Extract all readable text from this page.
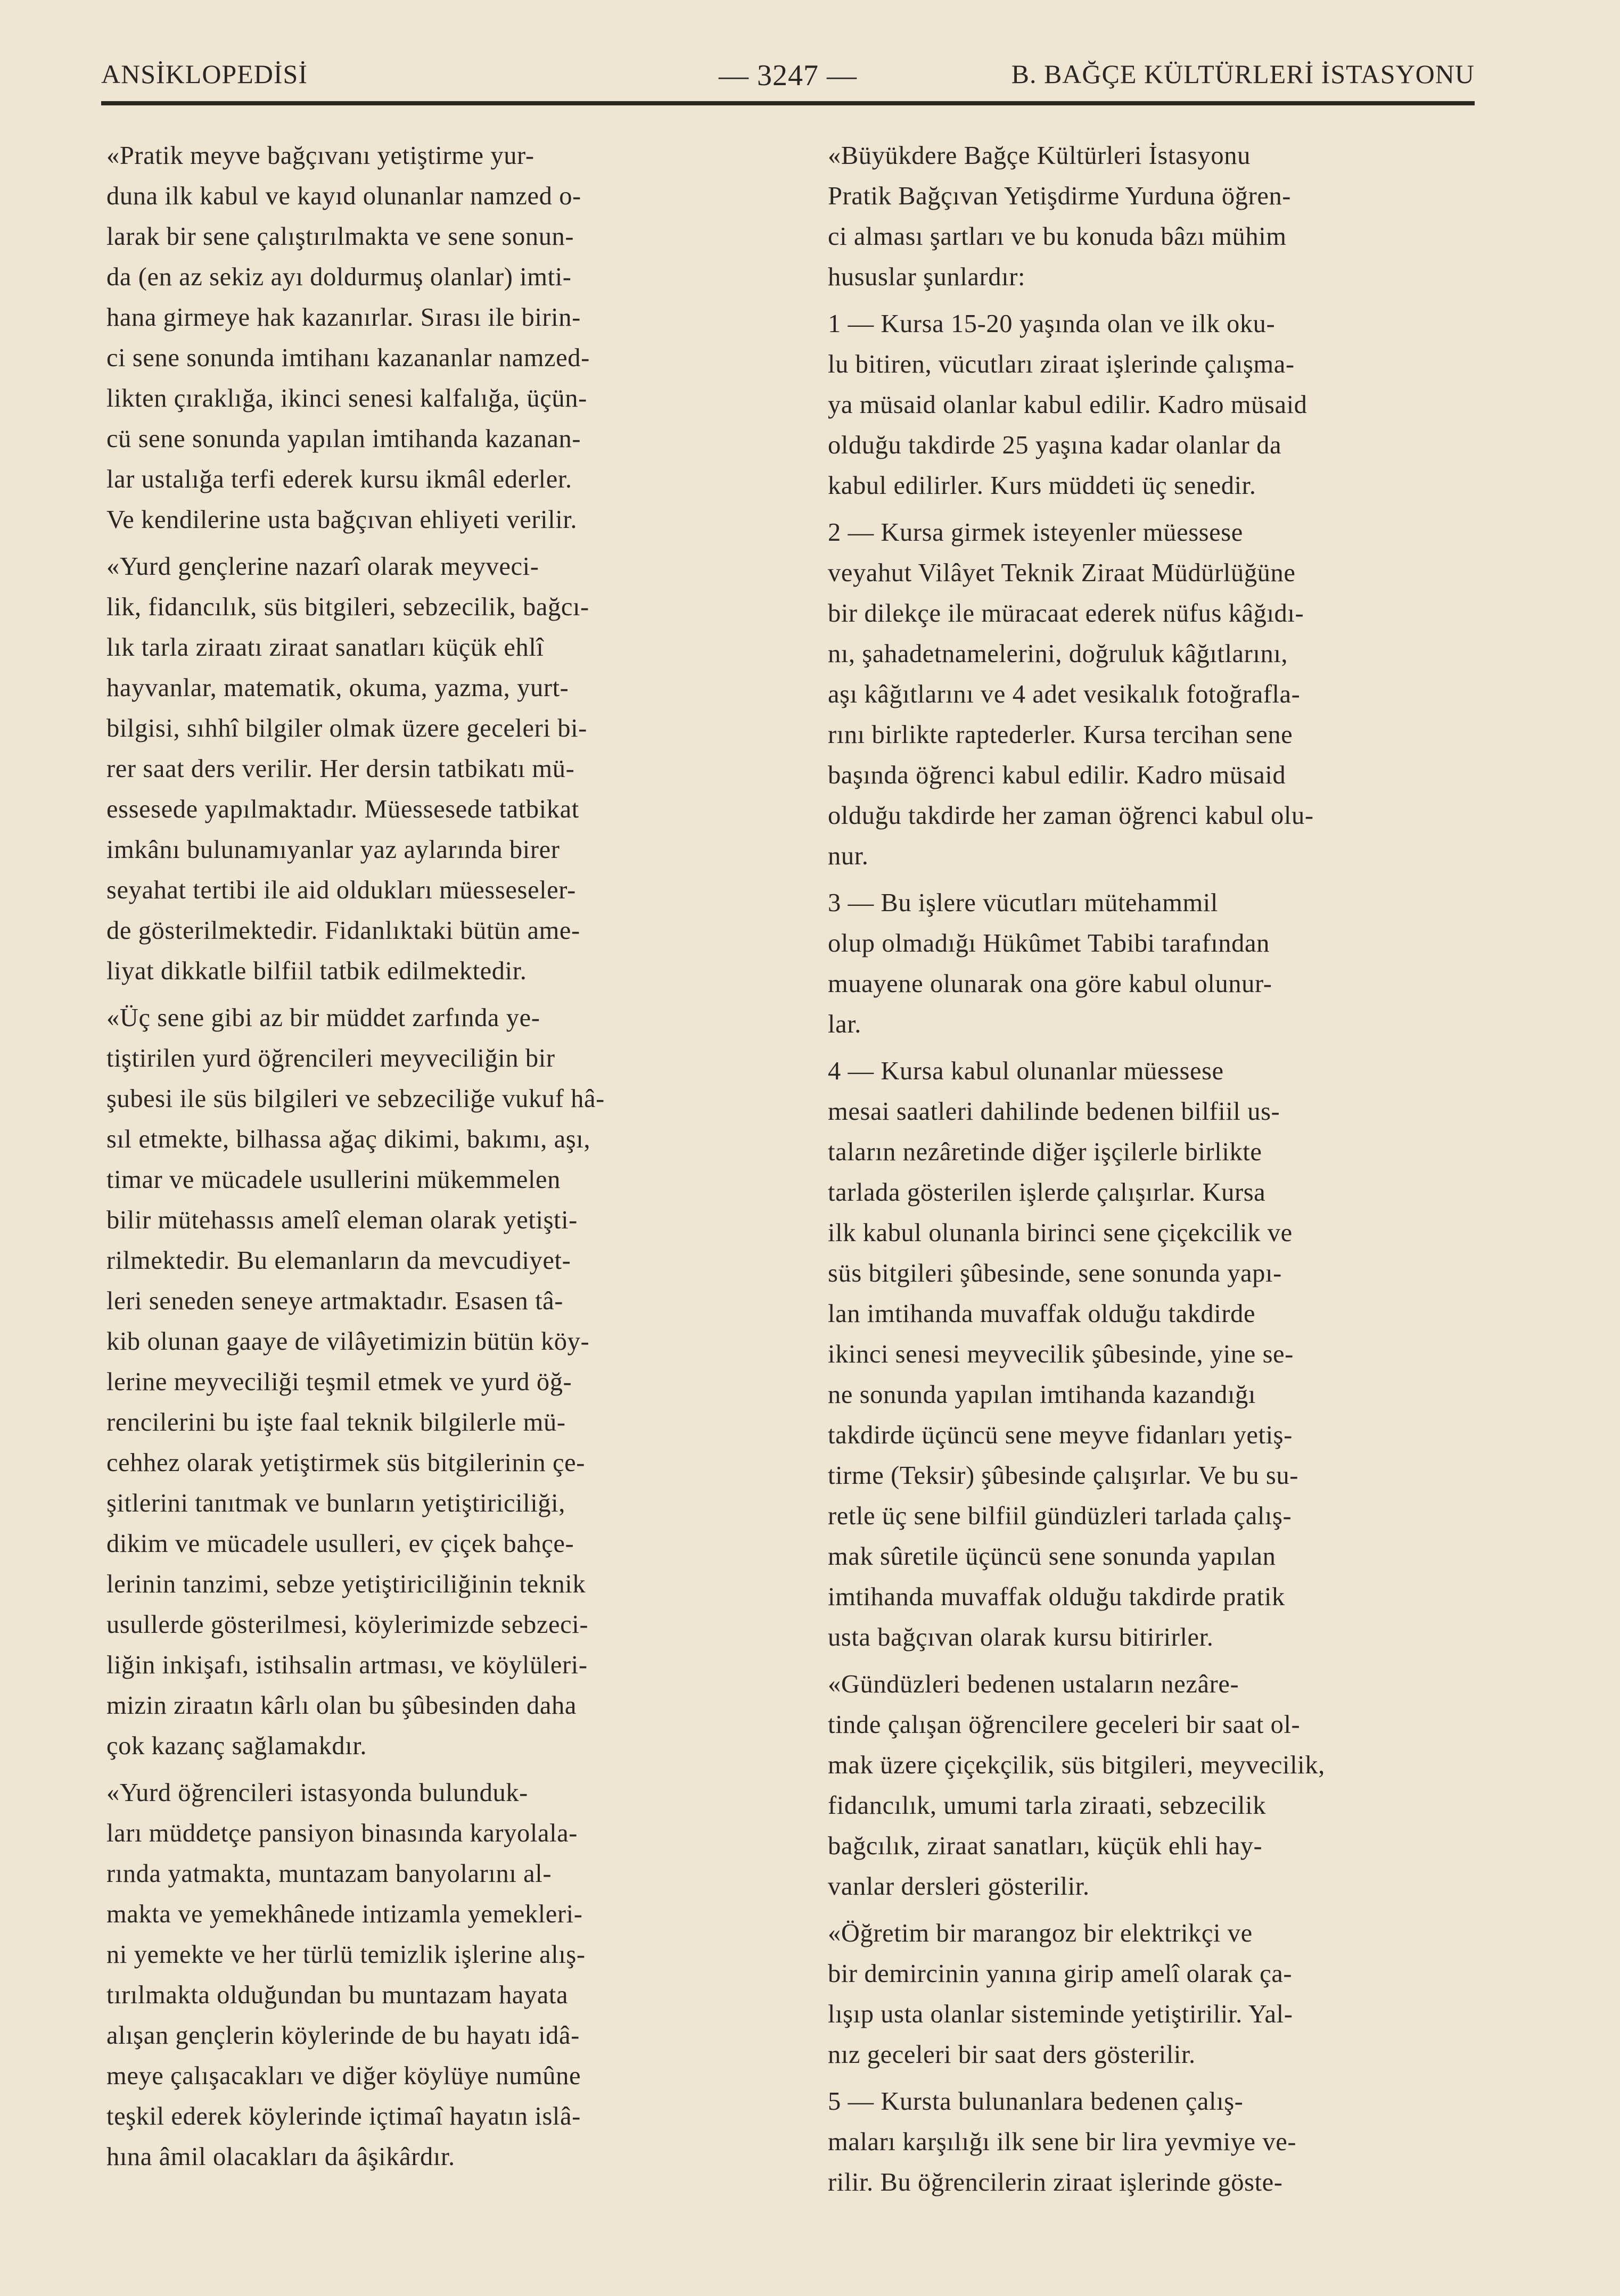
ANSİKLOPEDİSİ	— 3247 —	B. BAĞÇE KÜLTÜRLERİ İSTASYONU

«Pratik meyve bağçıvanı yetiştirme yur-
duna ilk kabul ve kayıd olunanlar namzed o-
larak bir sene çalıştırılmakta ve sene sonun-
da (en az sekiz ayı doldurmuş olanlar) imti-
hana girmeye hak kazanırlar. Sırası ile birin-
ci sene sonunda imtihanı kazananlar namzed-
likten çıraklığa, ikinci senesi kalfalığa, üçün-
cü sene sonunda yapılan imtihanda kazanan-
lar ustalığa terfi ederek kursu ikmâl ederler.
Ve kendilerine usta bağçıvan ehliyeti verilir.

«Yurd gençlerine nazarî olarak meyveci-
lik, fidancılık, süs bitgileri, sebzecilik, bağcı-
lık tarla ziraatı ziraat sanatları küçük ehlî
hayvanlar, matematik, okuma, yazma, yurt-
bilgisi, sıhhî bilgiler olmak üzere geceleri bi-
rer saat ders verilir. Her dersin tatbikatı mü-
essesede yapılmaktadır. Müessesede tatbikat
imkânı bulunamıyanlar yaz aylarında birer
seyahat tertibi ile aid oldukları müesseseler-
de gösterilmektedir. Fidanlıktaki bütün ame-
liyat dikkatle bilfiil tatbik edilmektedir.

«Üç sene gibi az bir müddet zarfında ye-
tiştirilen yurd öğrencileri meyveciliğin bir
şubesi ile süs bilgileri ve sebzeciliğe vukuf hâ-
sıl etmekte, bilhassa ağaç dikimi, bakımı, aşı,
timar ve mücadele usullerini mükemmelen
bilir mütehassıs amelî eleman olarak yetişti-
rilmektedir. Bu elemanların da mevcudiyet-
leri seneden seneye artmaktadır. Esasen tâ-
kib olunan gaaye de vilâyetimizin bütün köy-
lerine meyveciliği teşmil etmek ve yurd öğ-
rencilerini bu işte faal teknik bilgilerle mü-
cehhez olarak yetiştirmek süs bitgilerinin çe-
şitlerini tanıtmak ve bunların yetiştiriciliği,
dikim ve mücadele usulleri, ev çiçek bahçe-
lerinin tanzimi, sebze yetiştiriciliğinin teknik
usullerde gösterilmesi, köylerimizde sebzeci-
liğin inkişafı, istihsalin artması, ve köylüleri-
mizin ziraatın kârlı olan bu şûbesinden daha
çok kazanç sağlamakdır.

«Yurd öğrencileri istasyonda bulunduk-
ları müddetçe pansiyon binasında karyolala-
rında yatmakta, muntazam banyolarını al-
makta ve yemekhânede intizamla yemekleri-
ni yemekte ve her türlü temizlik işlerine alış-
tırılmakta olduğundan bu muntazam hayata
alışan gençlerin köylerinde de bu hayatı idâ-
meye çalışacakları ve diğer köylüye numûne
teşkil ederek köylerinde içtimaî hayatın islâ-
hına âmil olacakları da âşikârdır.

«Büyükdere Bağçe Kültürleri İstasyonu
Pratik Bağçıvan Yetişdirme Yurduna öğren-
ci alması şartları ve bu konuda bâzı mühim
hususlar şunlardır:

1 — Kursa 15-20 yaşında olan ve ilk oku-
lu bitiren, vücutları ziraat işlerinde çalışma-
ya müsaid olanlar kabul edilir. Kadro müsaid
olduğu takdirde 25 yaşına kadar olanlar da
kabul edilirler. Kurs müddeti üç senedir.

2 — Kursa girmek isteyenler müessese
veyahut Vilâyet Teknik Ziraat Müdürlüğüne
bir dilekçe ile müracaat ederek nüfus kâğıdı-
nı, şahadetnamelerini, doğruluk kâğıtlarını,
aşı kâğıtlarını ve 4 adet vesikalık fotoğrafla-
rını birlikte raptederler. Kursa tercihan sene
başında öğrenci kabul edilir. Kadro müsaid
olduğu takdirde her zaman öğrenci kabul olu-
nur.

3 — Bu işlere vücutları mütehammil
olup olmadığı Hükûmet Tabibi tarafından
muayene olunarak ona göre kabul olunur-
lar.

4 — Kursa kabul olunanlar müessese
mesai saatleri dahilinde bedenen bilfiil us-
taların nezâretinde diğer işçilerle birlikte
tarlada gösterilen işlerde çalışırlar. Kursa
ilk kabul olunanla birinci sene çiçekcilik ve
süs bitgileri şûbesinde, sene sonunda yapı-
lan imtihanda muvaffak olduğu takdirde
ikinci senesi meyvecilik şûbesinde, yine se-
ne sonunda yapılan imtihanda kazandığı
takdirde üçüncü sene meyve fidanları yetiş-
tirme (Teksir) şûbesinde çalışırlar. Ve bu su-
retle üç sene bilfiil gündüzleri tarlada çalış-
mak sûretile üçüncü sene sonunda yapılan
imtihanda muvaffak olduğu takdirde pratik
usta bağçıvan olarak kursu bitirirler.

«Gündüzleri bedenen ustaların nezâre-
tinde çalışan öğrencilere geceleri bir saat ol-
mak üzere çiçekçilik, süs bitgileri, meyvecilik,
fidancılık, umumi tarla ziraati, sebzecilik
bağcılık, ziraat sanatları, küçük ehli hay-
vanlar dersleri gösterilir.

«Öğretim bir marangoz bir elektrikçi ve
bir demircinin yanına girip amelî olarak ça-
lışıp usta olanlar sisteminde yetiştirilir. Yal-
nız geceleri bir saat ders gösterilir.

5 — Kursta bulunanlara bedenen çalış-
maları karşılığı ilk sene bir lira yevmiye ve-
rilir. Bu öğrencilerin ziraat işlerinde göste-
